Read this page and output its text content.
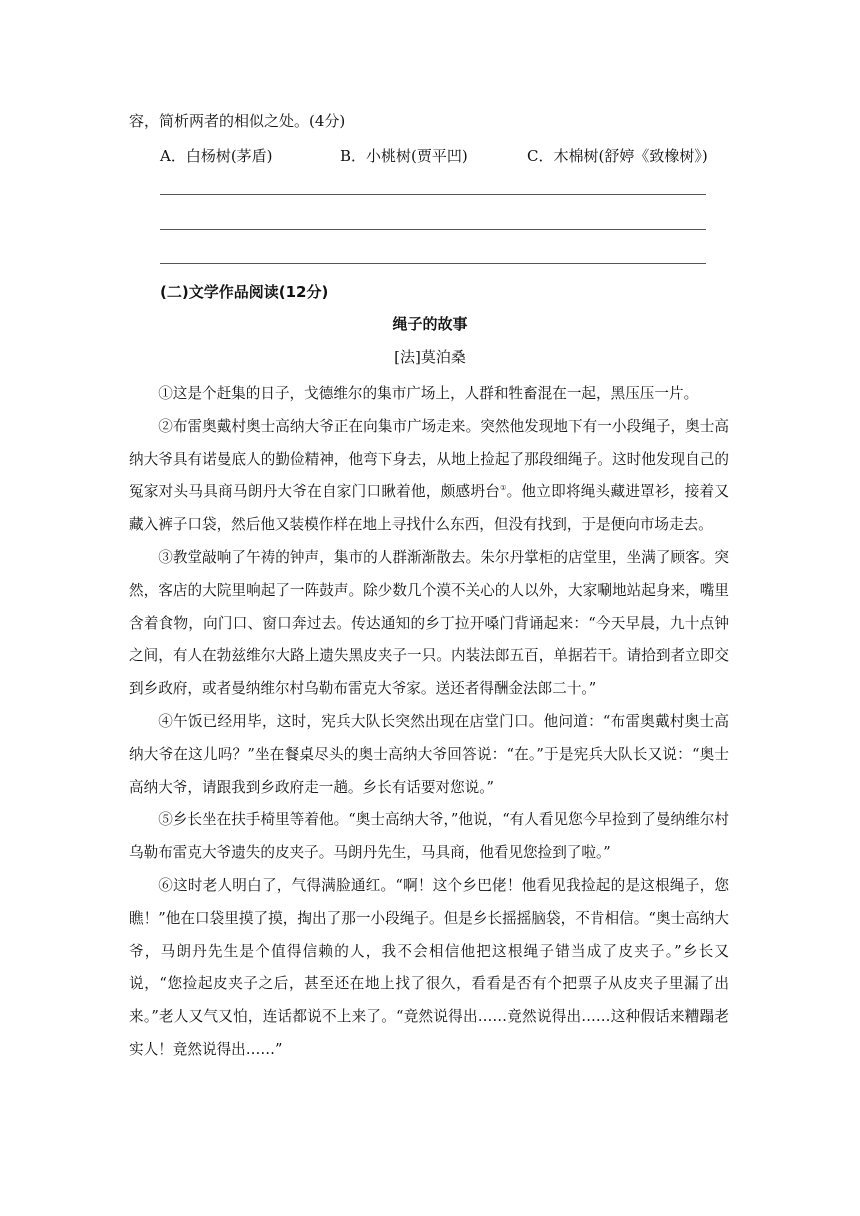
容，简析两者的相似之处。(4分)
A．白杨树(茅盾)	B．小桃树(贾平凹)	C．木棉树(舒婷《致橡树》)
(二)文学作品阅读(12分)
绳子的故事
[法]莫泊桑

①这是个赶集的日子，戈德维尔的集市广场上，人群和牲畜混在一起，黑压压一片。

②布雷奥戴村奥士高纳大爷正在向集市广场走来。突然他发现地下有一小段绳子，奥士高纳大爷具有诺曼底人的勤俭精神，他弯下身去，从地上捡起了那段细绳子。这时他发现自己的冤家对头马具商马朗丹大爷在自家门口瞅着他，颇感坍台①。他立即将绳头藏进罩衫，接着又藏入裤子口袋，然后他又装模作样在地上寻找什么东西，但没有找到，于是便向市场走去。

③教堂敲响了午祷的钟声，集市的人群渐渐散去。朱尔丹掌柜的店堂里，坐满了顾客。突然，客店的大院里响起了一阵鼓声。除少数几个漠不关心的人以外，大家唰地站起身来，嘴里含着食物，向门口、窗口奔过去。传达通知的乡丁拉开嗓门背诵起来：“今天早晨，九十点钟之间，有人在勃兹维尔大路上遗失黑皮夹子一只。内装法郎五百，单据若干。请拾到者立即交到乡政府，或者曼纳维尔村乌勒布雷克大爷家。送还者得酬金法郎二十。”

④午饭已经用毕，这时，宪兵大队长突然出现在店堂门口。他问道：“布雷奥戴村奥士高纳大爷在这儿吗？”坐在餐桌尽头的奥士高纳大爷回答说：“在。”于是宪兵大队长又说：“奥士高纳大爷，请跟我到乡政府走一趟。乡长有话要对您说。”

⑤乡长坐在扶手椅里等着他。“奥士高纳大爷，”他说，“有人看见您今早捡到了曼纳维尔村乌勒布雷克大爷遗失的皮夹子。马朗丹先生，马具商，他看见您捡到了啦。”

⑥这时老人明白了，气得满脸通红。“啊！这个乡巴佬！他看见我捡起的是这根绳子，您瞧！”他在口袋里摸了摸，掏出了那一小段绳子。但是乡长摇摇脑袋，不肯相信。“奥士高纳大爷，马朗丹先生是个值得信赖的人，我不会相信他把这根绳子错当成了皮夹子。”乡长又说，“您捡起皮夹子之后，甚至还在地上找了很久，看看是否有个把票子从皮夹子里漏了出来。”老人又气又怕，连话都说不上来了。“竟然说得出……竟然说得出……这种假话来糟蹋老实人！竟然说得出……”
